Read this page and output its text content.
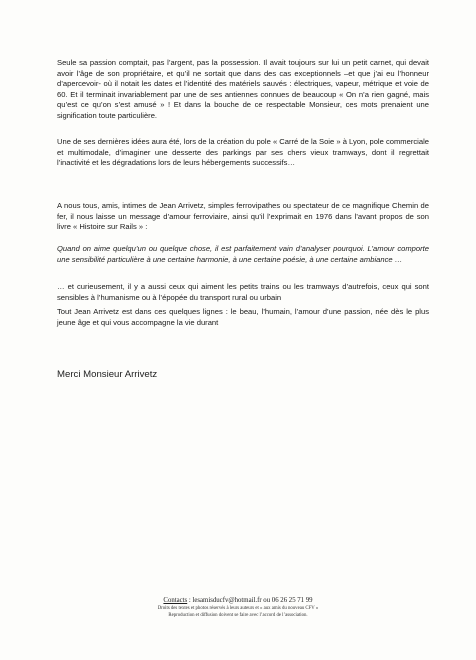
Seule sa passion comptait, pas l’argent, pas la possession. Il avait toujours sur lui un petit carnet, qui devait avoir l’âge de son propriétaire, et qu’il ne sortait que dans des cas exceptionnels –et que j’ai eu l’honneur d’apercevoir- où il notait les dates et l’identité des matériels sauvés : électriques, vapeur, métrique et voie de 60. Et il terminait invariablement par une de ses antiennes connues de beaucoup « On n’a rien gagné, mais qu’est ce qu’on s’est amusé » ! Et dans la bouche de ce respectable Monsieur, ces mots prenaient une signification toute particulière.

Une de ses dernières idées aura été, lors de la création du pole « Carré de la Soie » à Lyon, pole commerciale et multimodale, d’imaginer une desserte des parkings par ses chers vieux tramways, dont il regrettait l’inactivité et les dégradations lors de leurs hébergements successifs…

A nous tous, amis, intimes de Jean Arrivetz, simples ferrovipathes ou spectateur de ce magnifique Chemin de fer, il nous laisse un message d’amour ferroviaire, ainsi qu’il l’exprimait en 1976 dans l’avant propos de son livre « Histoire sur Rails » :

Quand on aime quelqu’un ou quelque chose, il est parfaitement vain d’analyser pourquoi. L’amour comporte une sensibilité particulière à une certaine harmonie, à une certaine poésie, à une certaine ambiance …

… et curieusement, il y a aussi ceux qui aiment les petits trains ou les tramways d’autrefois, ceux qui sont sensibles à l’humanisme ou à l’épopée du transport rural ou urbain

Tout Jean Arrivetz est dans ces quelques lignes : le beau, l’humain, l’amour d’une passion, née dès le plus jeune âge et qui vous accompagne la vie durant

Merci Monsieur Arrivetz

Contacts : lesamisducfv@hotmail.fr ou 06 26 25 71 99
Droits des textes et photos réservés à leurs auteurs et « aux amis du nouveau CFV »
Reproduction et diffusion doivent se faire avec l’accord de l’association.
